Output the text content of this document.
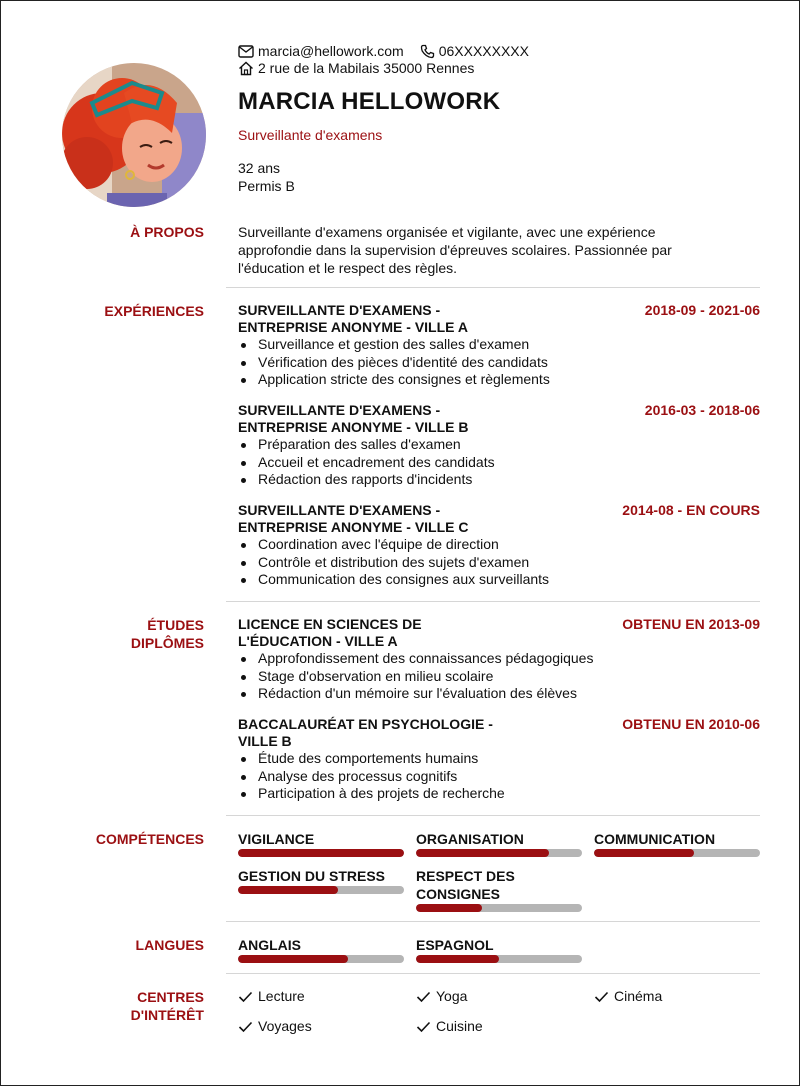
marcia@hellowork.com	06XXXXXXXX
2 rue de la Mabilais 35000 Rennes
MARCIA HELLOWORK
Surveillante d'examens
32 ans
Permis B
À PROPOS Surveillante d'examens organisée et vigilante, avec une expérience approfondie dans la supervision d'épreuves scolaires. Passionnée par l'éducation et le respect des règles.
EXPÉRIENCES SURVEILLANTE D'EXAMENS -
ENTREPRISE ANONYME - VILLE A
2018-09 - 2021-06
Surveillance et gestion des salles d'examen
Vérification des pièces d'identité des candidats
Application stricte des consignes et règlements
SURVEILLANTE D'EXAMENS -
ENTREPRISE ANONYME - VILLE B
2016-03 - 2018-06
Préparation des salles d'examen
Accueil et encadrement des candidats
Rédaction des rapports d'incidents
SURVEILLANTE D'EXAMENS -
ENTREPRISE ANONYME - VILLE C
2014-08 - EN COURS
Coordination avec l'équipe de direction
Contrôle et distribution des sujets d'examen
Communication des consignes aux surveillants
ÉTUDES
DIPLÔMES
LICENCE EN SCIENCES DE
L'ÉDUCATION - VILLE A
OBTENU EN 2013-09
Approfondissement des connaissances pédagogiques
Stage d'observation en milieu scolaire
Rédaction d'un mémoire sur l'évaluation des élèves
BACCALAURÉAT EN PSYCHOLOGIE -
VILLE B
OBTENU EN 2010-06
Étude des comportements humains
Analyse des processus cognitifs
Participation à des projets de recherche
COMPÉTENCES VIGILANCE	ORGANISATION	COMMUNICATION
GESTION DU STRESS	RESPECT DES
CONSIGNES
LANGUES ANGLAIS	ESPAGNOL
CENTRES
D'INTÉRÊT
Lecture	Yoga	Cinéma
Voyages	Cuisine
